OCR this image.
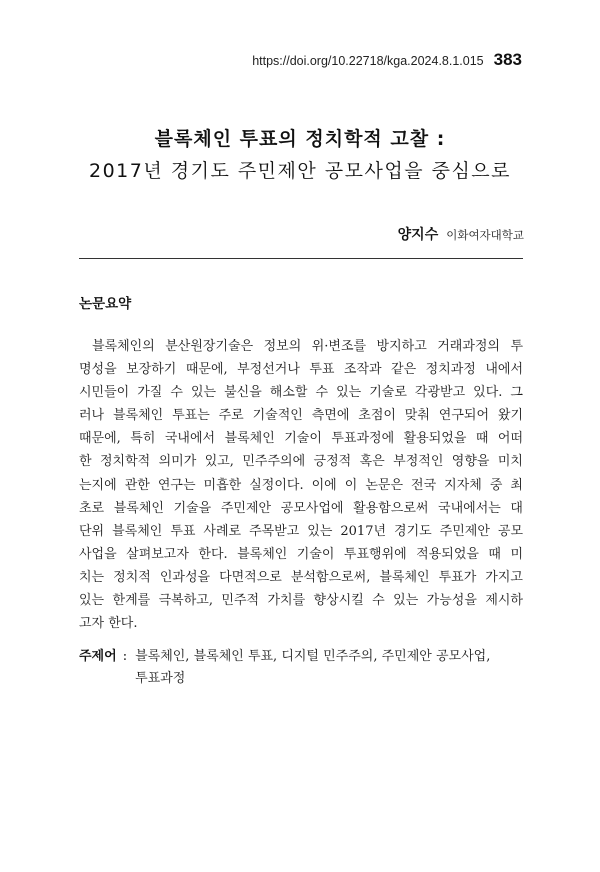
https://doi.org/10.22718/kga.2024.8.1.015 383
블록체인 투표의 정치학적 고찰 :
2017년 경기도 주민제안 공모사업을 중심으로
양지수 이화여자대학교
논문요약
블록체인의 분산원장기술은 정보의 위·변조를 방지하고 거래과정의 투
명성을 보장하기 때문에, 부정선거나 투표 조작과 같은 정치과정 내에서
시민들이 가질 수 있는 불신을 해소할 수 있는 기술로 각광받고 있다. 그
러나 블록체인 투표는 주로 기술적인 측면에 초점이 맞춰 연구되어 왔기
때문에, 특히 국내에서 블록체인 기술이 투표과정에 활용되었을 때 어떠
한 정치학적 의미가 있고, 민주주의에 긍정적 혹은 부정적인 영향을 미치
는지에 관한 연구는 미흡한 실정이다. 이에 이 논문은 전국 지자체 중 최
초로 블록체인 기술을 주민제안 공모사업에 활용함으로써 국내에서는 대
단위 블록체인 투표 사례로 주목받고 있는 2017년 경기도 주민제안 공모
사업을 살펴보고자 한다. 블록체인 기술이 투표행위에 적용되었을 때 미
치는 정치적 인과성을 다면적으로 분석함으로써, 블록체인 투표가 가지고
있는 한계를 극복하고, 민주적 가치를 향상시킬 수 있는 가능성을 제시하
고자 한다.
주제어 : 블록체인, 블록체인 투표, 디지털 민주주의, 주민제안 공모사업,
투표과정
